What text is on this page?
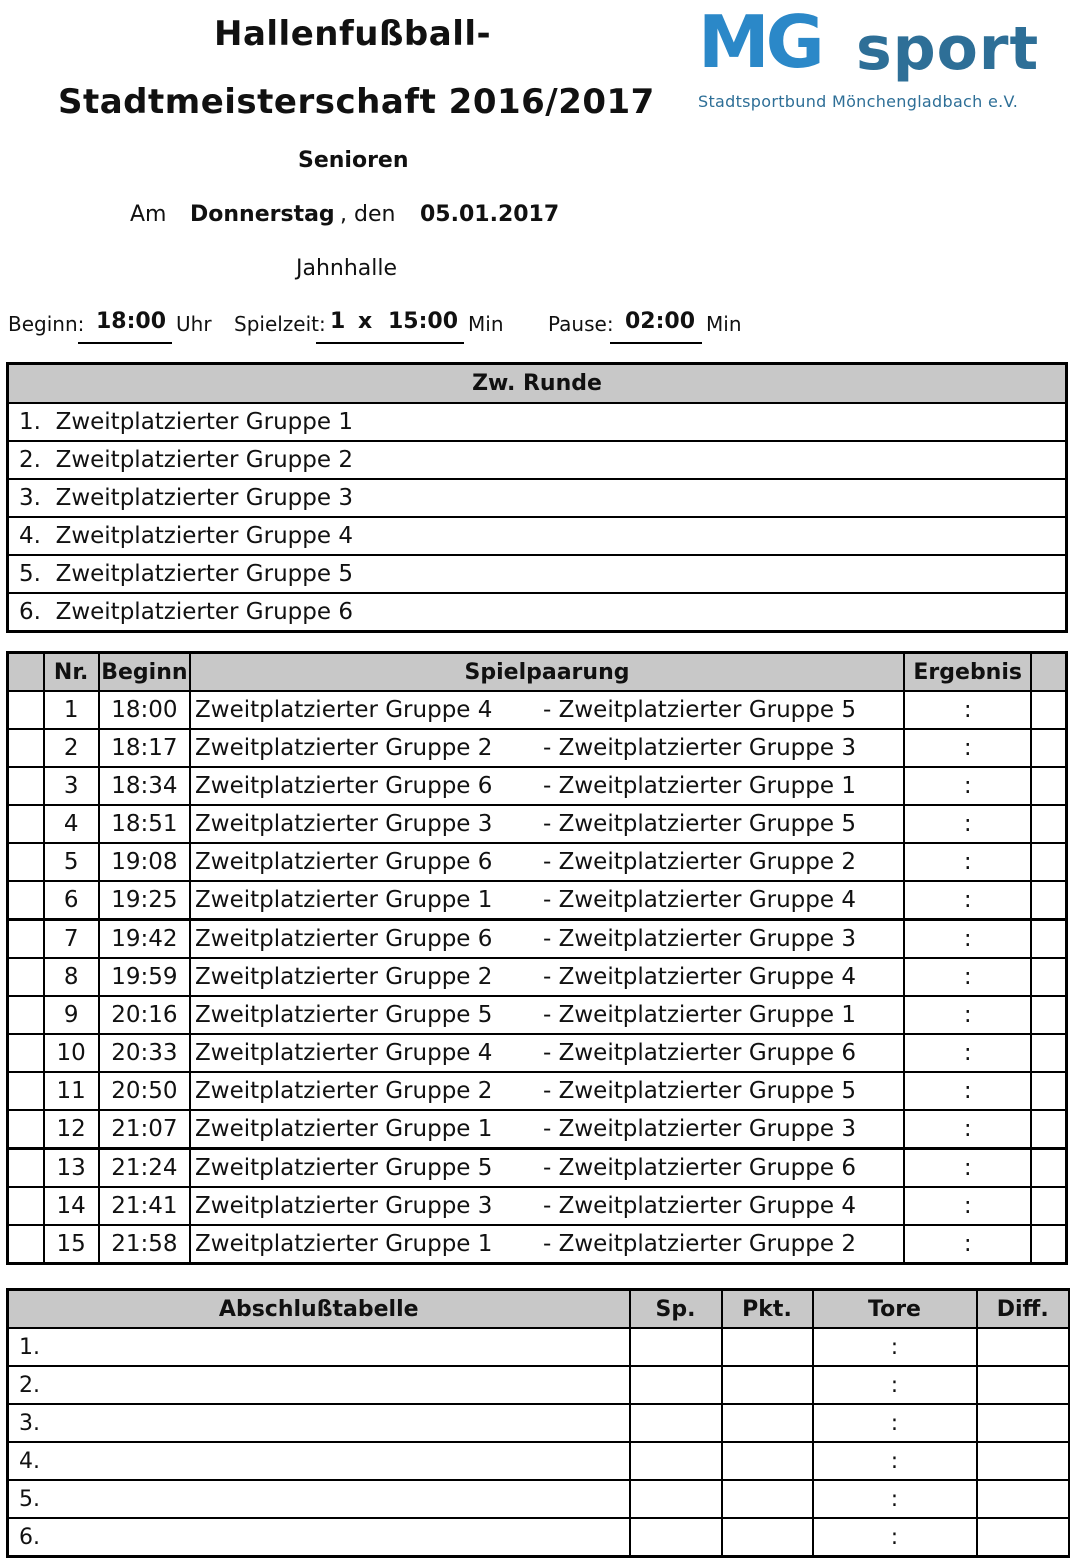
Hallenfußball-
Stadtmeisterschaft 2016/2017
Senioren
Am Donnerstag , den 05.01.2017
Jahnhalle
MG sport
Stadtsportbund Mönchengladbach e.V.
Beginn: 18:00 Uhr Spielzeit: 1 x 15:00 Min Pause: 02:00 Min
Zw. Runde
1. Zweitplatzierter Gruppe 1
2. Zweitplatzierter Gruppe 2
3. Zweitplatzierter Gruppe 3
4. Zweitplatzierter Gruppe 4
5. Zweitplatzierter Gruppe 5
6. Zweitplatzierter Gruppe 6
	Nr.	Beginn	Spielpaarung		Ergebnis	
	1	18:00	Zweitplatzierter Gruppe 4	- Zweitplatzierter Gruppe 5	:	
	2	18:17	Zweitplatzierter Gruppe 2	- Zweitplatzierter Gruppe 3	:	
	3	18:34	Zweitplatzierter Gruppe 6	- Zweitplatzierter Gruppe 1	:	
	4	18:51	Zweitplatzierter Gruppe 3	- Zweitplatzierter Gruppe 5	:	
	5	19:08	Zweitplatzierter Gruppe 6	- Zweitplatzierter Gruppe 2	:	
	6	19:25	Zweitplatzierter Gruppe 1	- Zweitplatzierter Gruppe 4	:	
	7	19:42	Zweitplatzierter Gruppe 6	- Zweitplatzierter Gruppe 3	:	
	8	19:59	Zweitplatzierter Gruppe 2	- Zweitplatzierter Gruppe 4	:	
	9	20:16	Zweitplatzierter Gruppe 5	- Zweitplatzierter Gruppe 1	:	
	10	20:33	Zweitplatzierter Gruppe 4	- Zweitplatzierter Gruppe 6	:	
	11	20:50	Zweitplatzierter Gruppe 2	- Zweitplatzierter Gruppe 5	:	
	12	21:07	Zweitplatzierter Gruppe 1	- Zweitplatzierter Gruppe 3	:	
	13	21:24	Zweitplatzierter Gruppe 5	- Zweitplatzierter Gruppe 6	:	
	14	21:41	Zweitplatzierter Gruppe 3	- Zweitplatzierter Gruppe 4	:	
	15	21:58	Zweitplatzierter Gruppe 1	- Zweitplatzierter Gruppe 2	:	
Abschlußtabelle	Sp.	Pkt.	Tore	Diff.
1.			:	
2.			:	
3.			:	
4.			:	
5.			:	
6.			:	
